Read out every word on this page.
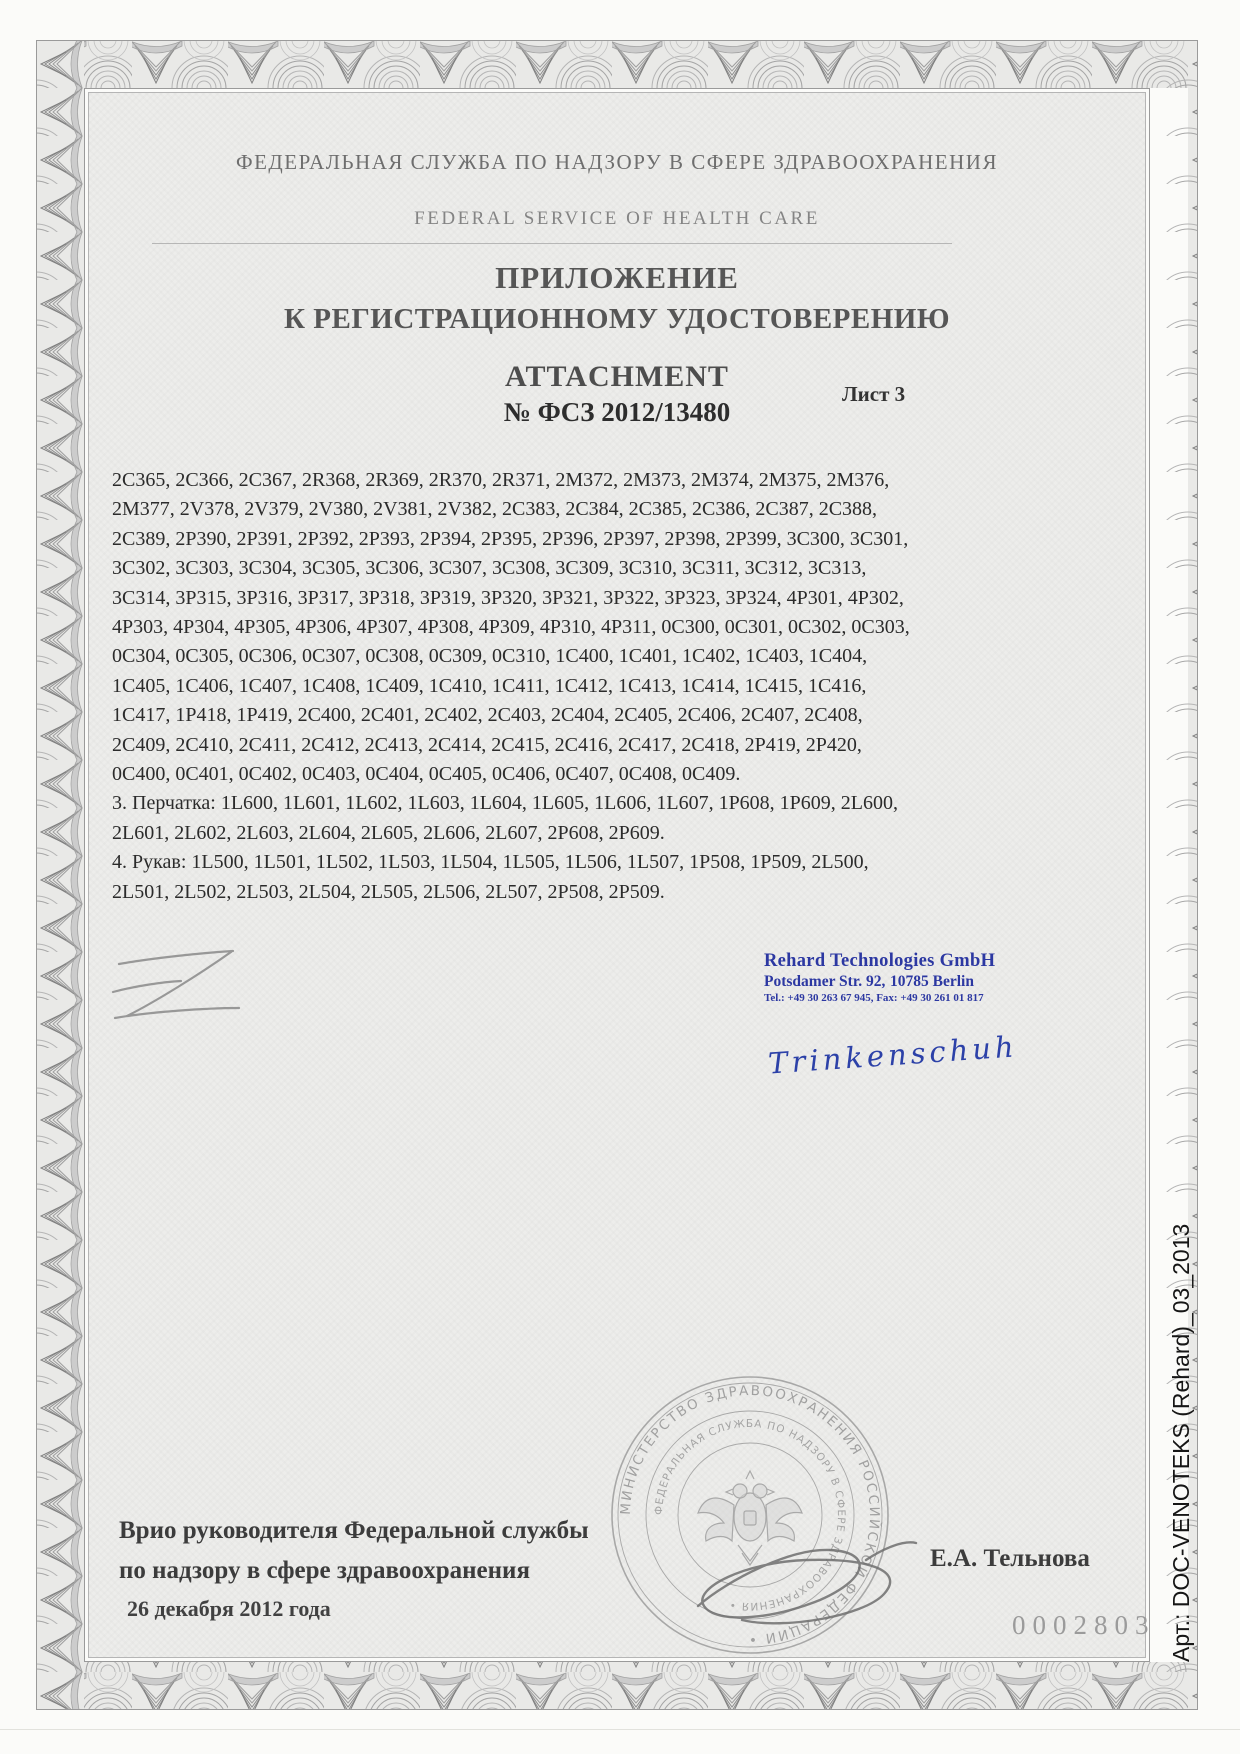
ФЕДЕРАЛЬНАЯ СЛУЖБА ПО НАДЗОРУ В СФЕРЕ ЗДРАВООХРАНЕНИЯ
FEDERAL SERVICE OF HEALTH CARE
ПРИЛОЖЕНИЕ
К РЕГИСТРАЦИОННОМУ УДОСТОВЕРЕНИЮ
ATTACHMENT
Лист 3
№ ФСЗ 2012/13480
2C365, 2C366, 2C367, 2R368, 2R369, 2R370, 2R371, 2M372, 2M373, 2M374, 2M375, 2M376,
2M377, 2V378, 2V379, 2V380, 2V381, 2V382, 2C383, 2C384, 2C385, 2C386, 2C387, 2C388,
2C389, 2P390, 2P391, 2P392, 2P393, 2P394, 2P395, 2P396, 2P397, 2P398, 2P399, 3C300, 3C301,
3C302, 3C303, 3C304, 3C305, 3C306, 3C307, 3C308, 3C309, 3C310, 3C311, 3C312, 3C313,
3C314, 3P315, 3P316, 3P317, 3P318, 3P319, 3P320, 3P321, 3P322, 3P323, 3P324, 4P301, 4P302,
4P303, 4P304, 4P305, 4P306, 4P307, 4P308, 4P309, 4P310, 4P311, 0C300, 0C301, 0C302, 0C303,
0C304, 0C305, 0C306, 0C307, 0C308, 0C309, 0C310, 1C400, 1C401, 1C402, 1C403, 1C404,
1C405, 1C406, 1C407, 1C408, 1C409, 1C410, 1C411, 1C412, 1C413, 1C414, 1C415, 1C416,
1C417, 1P418, 1P419, 2C400, 2C401, 2C402, 2C403, 2C404, 2C405, 2C406, 2C407, 2C408,
2C409, 2C410, 2C411, 2C412, 2C413, 2C414, 2C415, 2C416, 2C417, 2C418, 2P419, 2P420,
0C400, 0C401, 0C402, 0C403, 0C404, 0C405, 0C406, 0C407, 0C408, 0C409.
3. Перчатка: 1L600, 1L601, 1L602, 1L603, 1L604, 1L605, 1L606, 1L607, 1P608, 1P609, 2L600,
2L601, 2L602, 2L603, 2L604, 2L605, 2L606, 2L607, 2P608, 2P609.
4. Рукав: 1L500, 1L501, 1L502, 1L503, 1L504, 1L505, 1L506, 1L507, 1P508, 1P509, 2L500,
2L501, 2L502, 2L503, 2L504, 2L505, 2L506, 2L507, 2P508, 2P509.
Rehard Technologies GmbH
Potsdamer Str. 92, 10785 Berlin
Tel.: +49 30 263 67 945, Fax: +49 30 261 01 817
Trinkenschuh
МИНИСТЕРСТВО ЗДРАВООХРАНЕНИЯ РОССИЙСКОЙ ФЕДЕРАЦИИ •
ФЕДЕРАЛЬНАЯ СЛУЖБА ПО НАДЗОРУ В СФЕРЕ ЗДРАВООХРАНЕНИЯ •
Врио руководителя Федеральной службы
по надзору в сфере здравоохранения
26 декабря 2012 года
Е.А. Тельнова
0002803 Арт.: DOC-VENOTEKS (Rehard)_03_2013
